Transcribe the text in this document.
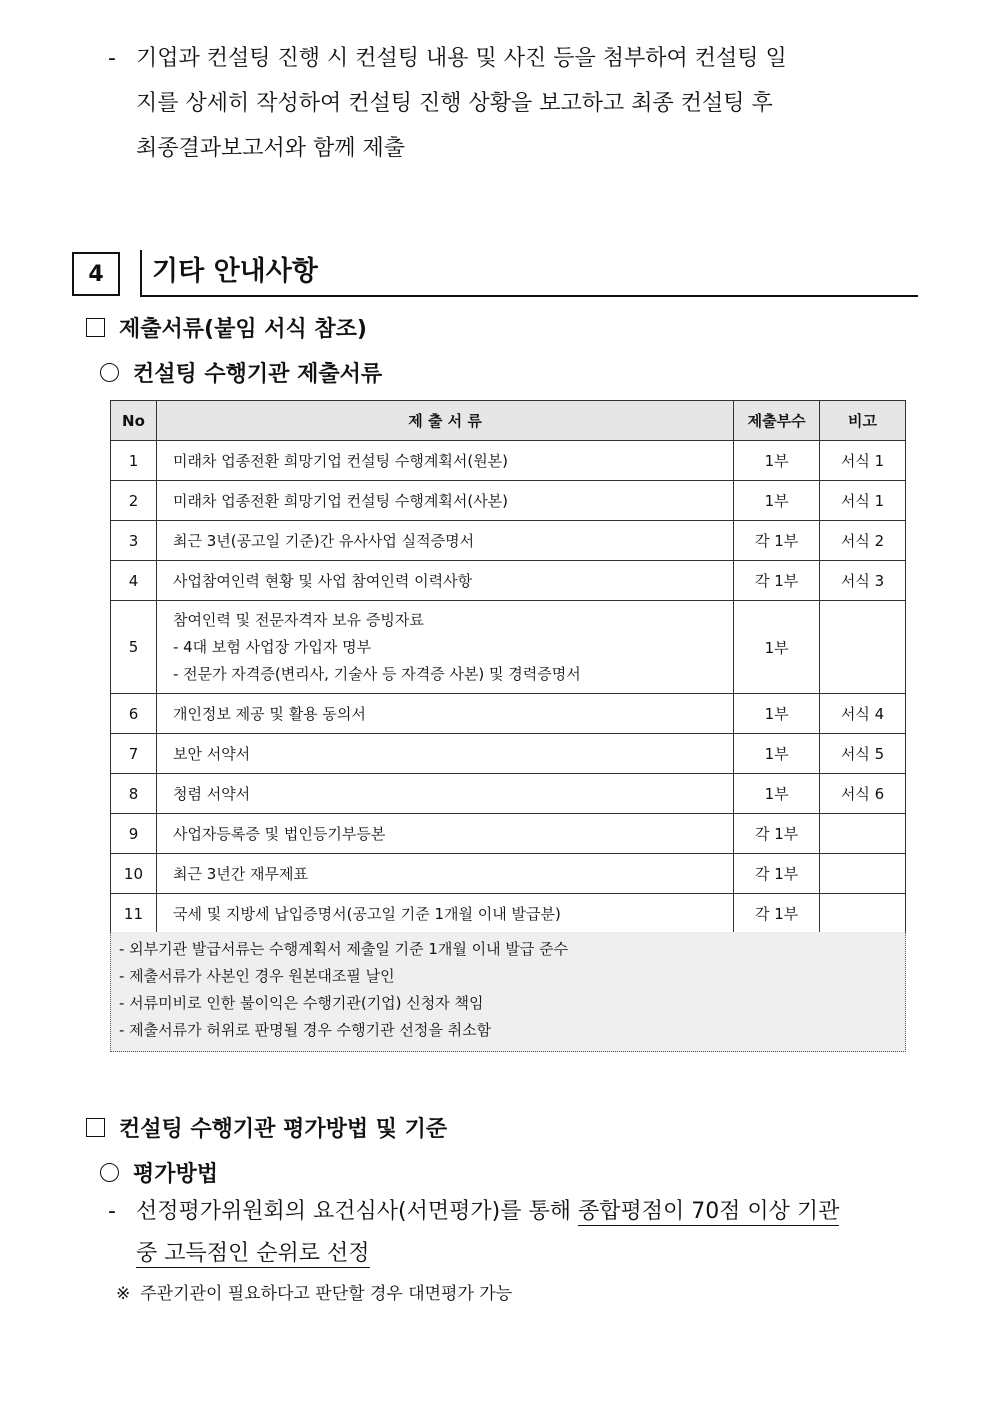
- 기업과 컨설팅 진행 시 컨설팅 내용 및 사진 등을 첨부하여 컨설팅 일
지를 상세히 작성하여 컨설팅 진행 상황을 보고하고 최종 컨설팅 후
최종결과보고서와 함께 제출
4	기타 안내사항
제출서류(붙임 서식 참조)
컨설팅 수행기관 제출서류
No	제 출 서 류	제출부수	비고
1	미래차 업종전환 희망기업 컨설팅 수행계획서(원본)	1부	서식 1
2	미래차 업종전환 희망기업 컨설팅 수행계획서(사본)	1부	서식 1
3	최근 3년(공고일 기준)간 유사사업 실적증명서	각 1부	서식 2
4	사업참여인력 현황 및 사업 참여인력 이력사항	각 1부	서식 3
5	참여인력 및 전문자격자 보유 증빙자료
- 4대 보험 사업장 가입자 명부
- 전문가 자격증(변리사, 기술사 등 자격증 사본) 및 경력증명서	1부	
6	개인정보 제공 및 활용 동의서	1부	서식 4
7	보안 서약서	1부	서식 5
8	청렴 서약서	1부	서식 6
9	사업자등록증 및 법인등기부등본	각 1부	
10	최근 3년간 재무제표	각 1부	
11	국세 및 지방세 납입증명서(공고일 기준 1개월 이내 발급분)	각 1부	
- 외부기관 발급서류는 수행계획서 제출일 기준 1개월 이내 발급 준수
- 제출서류가 사본인 경우 원본대조필 날인
- 서류미비로 인한 불이익은 수행기관(기업) 신청자 책임
- 제출서류가 허위로 판명될 경우 수행기관 선정을 취소함
컨설팅 수행기관 평가방법 및 기준
평가방법
- 선정평가위원회의 요건심사(서면평가)를 통해 종합평점이 70점 이상 기관
중 고득점인 순위로 선정
※ 주관기관이 필요하다고 판단할 경우 대면평가 가능
